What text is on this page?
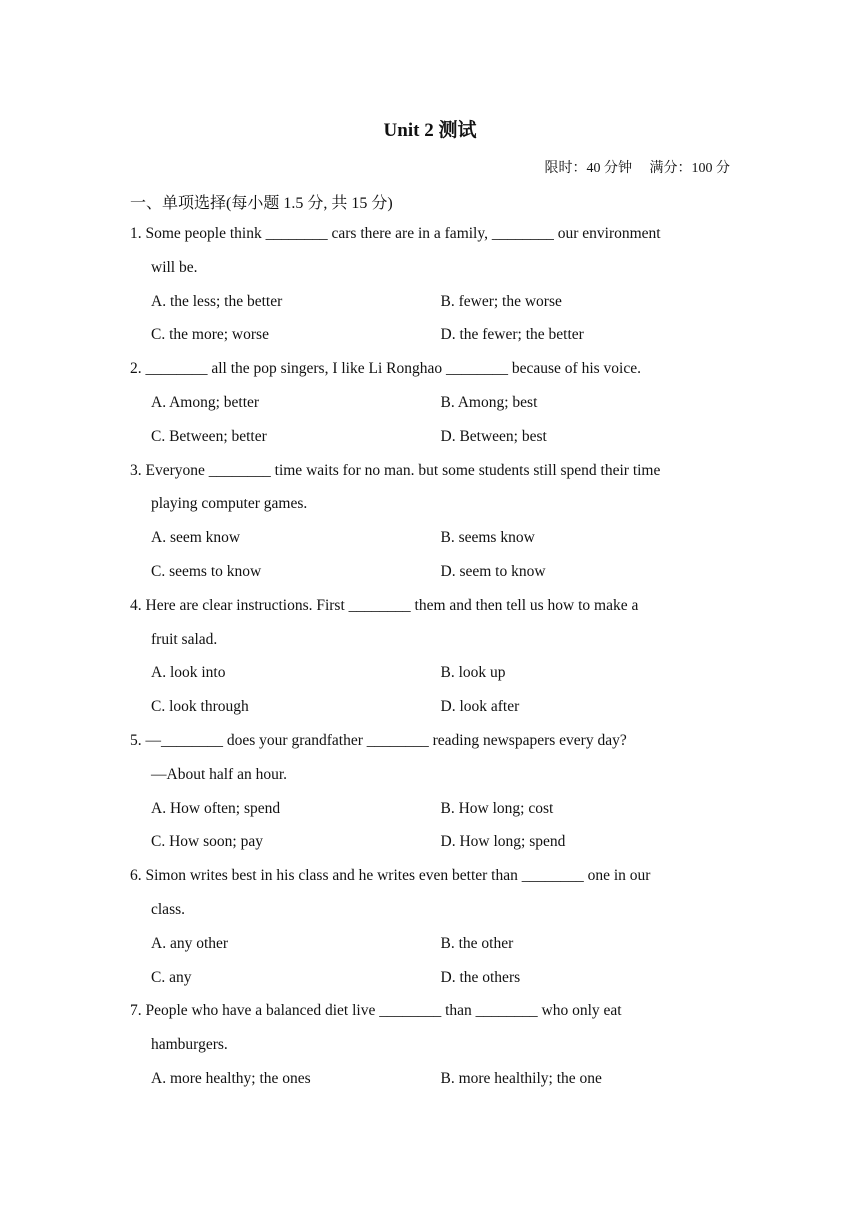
Unit 2 测试
限时：40 分钟 满分：100 分
一、单项选择(每小题 1.5 分, 共 15 分)
1. Some people think ________ cars there are in a family, ________ our environment
will be.
A. the less; the better	B. fewer; the worse
C. the more; worse	D. the fewer; the better
2. ________ all the pop singers, I like Li Ronghao ________ because of his voice.
A. Among; better	B. Among; best
C. Between; better	D. Between; best
3. Everyone ________ time waits for no man. but some students still spend their time
playing computer games.
A. seem know	B. seems know
C. seems to know	D. seem to know
4. Here are clear instructions. First ________ them and then tell us how to make a
fruit salad.
A. look into	B. look up
C. look through	D. look after
5. —________ does your grandfather ________ reading newspapers every day?
—About half an hour.
A. How often; spend	B. How long; cost
C. How soon; pay	D. How long; spend
6. Simon writes best in his class and he writes even better than ________ one in our
class.
A. any other	B. the other
C. any	D. the others
7. People who have a balanced diet live ________ than ________ who only eat
hamburgers.
A. more healthy; the ones	B. more healthily; the one
